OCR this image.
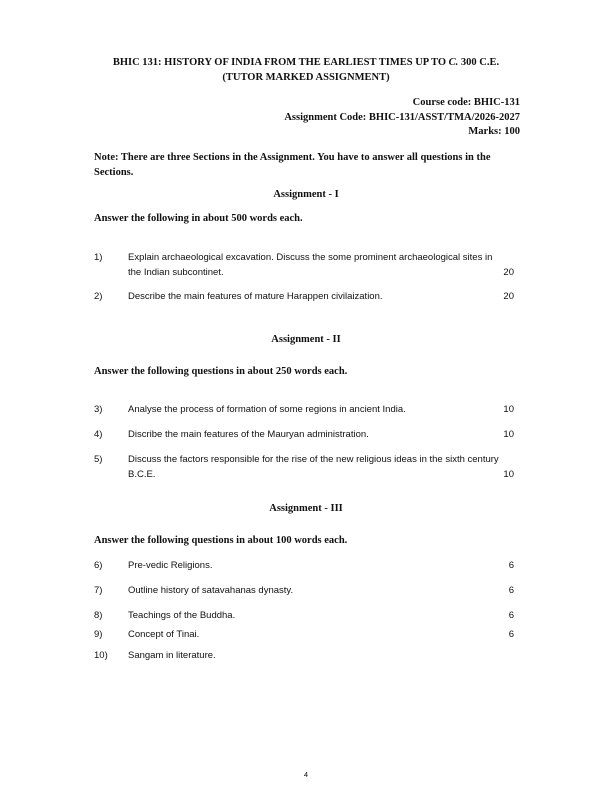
BHIC 131: HISTORY OF INDIA FROM THE EARLIEST TIMES UP TO C. 300 C.E.
(TUTOR MARKED ASSIGNMENT)
Course code: BHIC-131
Assignment Code: BHIC-131/ASST/TMA/2026-2027
Marks: 100
Note: There are three Sections in the Assignment. You have to answer all questions in the Sections.
Assignment - I
Answer the following in about 500 words each.
1)	Explain archaeological excavation. Discuss the some prominent archaeological sites in the Indian subcontinet.	20
2)	Describe the main features of mature Harappen civilaization.	20
Assignment - II
Answer the following questions in about 250 words each.
3)	Analyse the process of formation of some regions in ancient India.	10
4)	Discribe the main features of the Mauryan administration.	10
5)	Discuss the factors responsible for the rise of the new religious ideas in the sixth century B.C.E.	10
Assignment - III
Answer the following questions in about 100 words each.
6)	Pre-vedic Religions.	6
7)	Outline history of satavahanas dynasty.	6
8)	Teachings of the Buddha.	6
9)	Concept of Tinai.	6
10)	Sangam in literature.
4
